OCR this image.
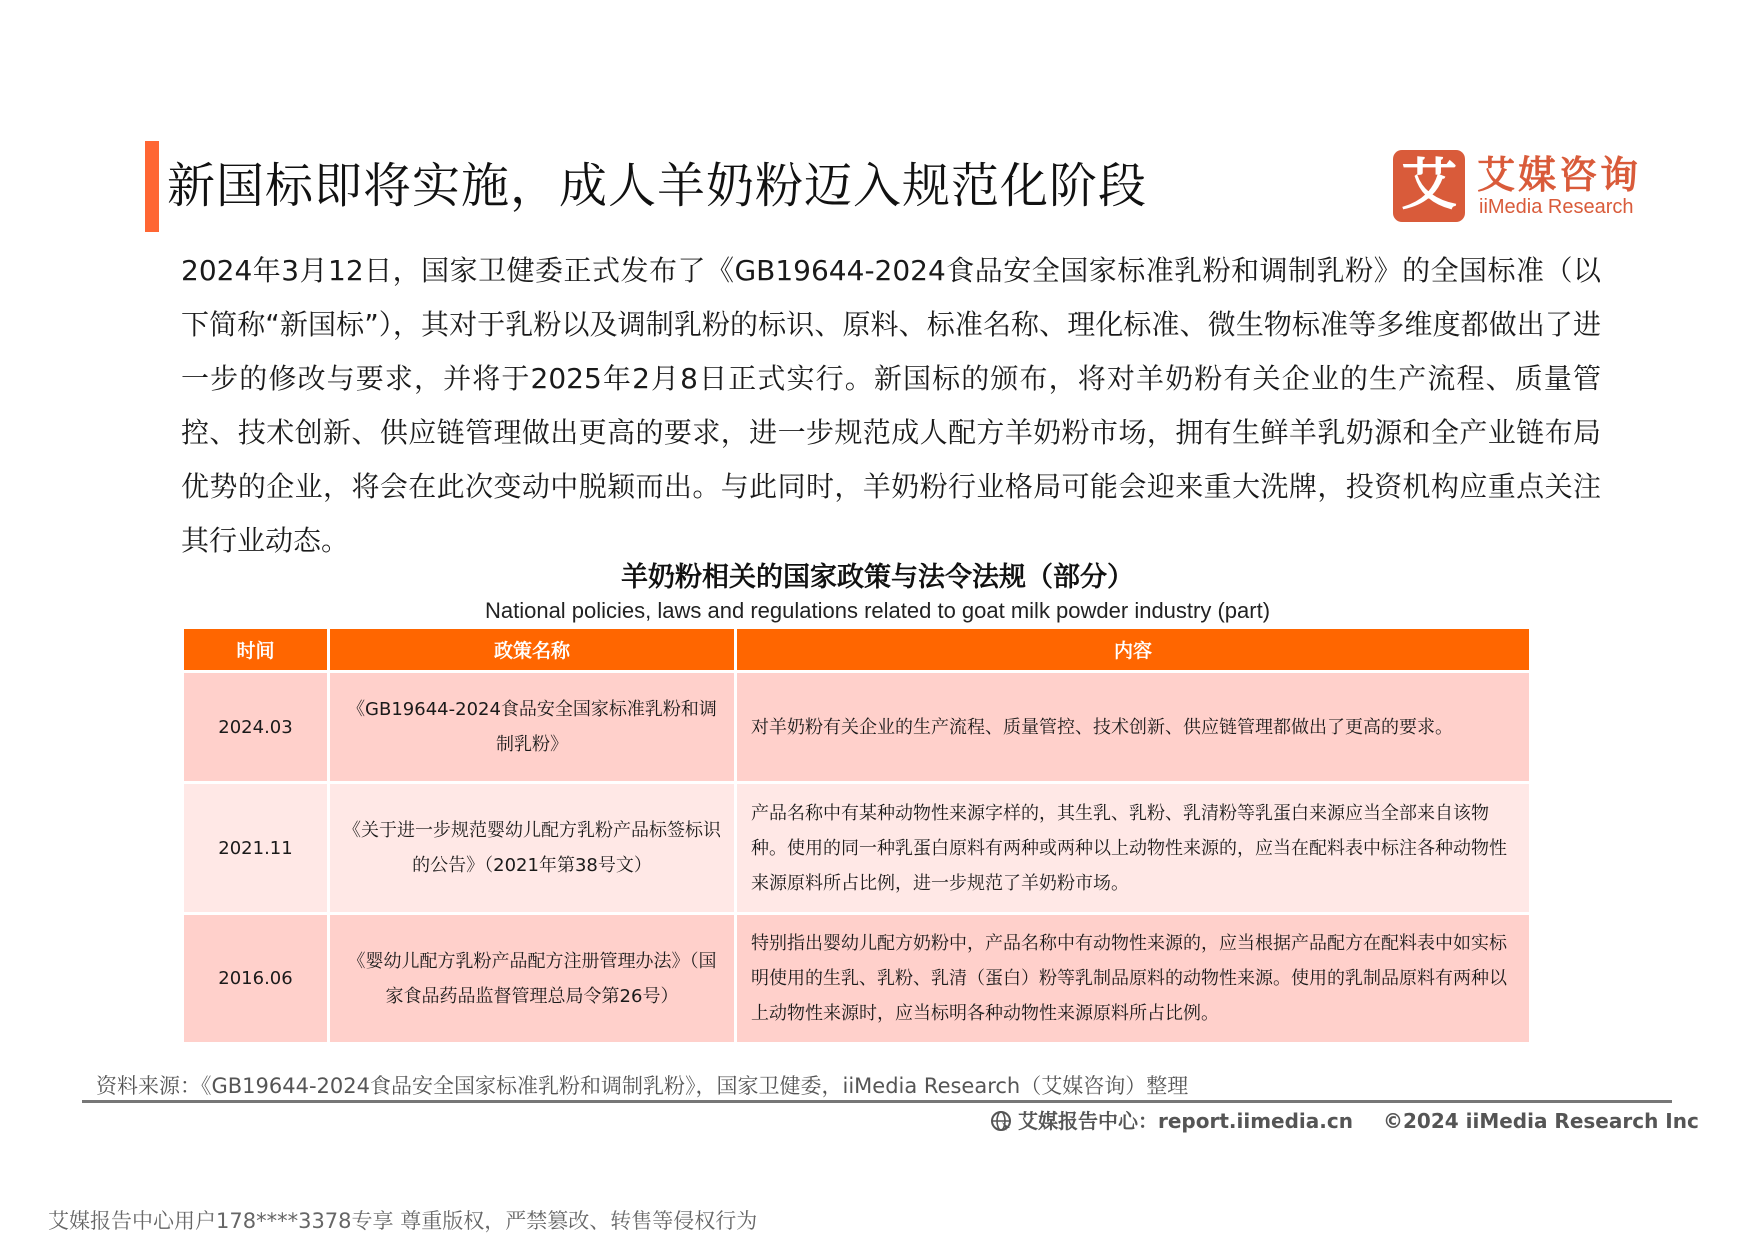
新国标即将实施，成人羊奶粉迈入规范化阶段	艾 艾媒咨询
iiMedia Research
2024年3月12日，国家卫健委正式发布了《GB19644-2024食品安全国家标准乳粉和调制乳粉》的全国标准（以下简称“新国标”），其对于乳粉以及调制乳粉的标识、原料、标准名称、理化标准、微生物标准等多维度都做出了进一步的修改与要求，并将于2025年2月8日正式实行。新国标的颁布，将对羊奶粉有关企业的生产流程、质量管控、技术创新、供应链管理做出更高的要求，进一步规范成人配方羊奶粉市场，拥有生鲜羊乳奶源和全产业链布局优势的企业，将会在此次变动中脱颖而出。与此同时，羊奶粉行业格局可能会迎来重大洗牌，投资机构应重点关注其行业动态。
羊奶粉相关的国家政策与法令法规（部分）
National policies, laws and regulations related to goat milk powder industry (part)
时间	政策名称	内容
2024.03	《GB19644-2024食品安全国家标准乳粉和调制乳粉》	对羊奶粉有关企业的生产流程、质量管控、技术创新、供应链管理都做出了更高的要求。
2021.11	《关于进一步规范婴幼儿配方乳粉产品标签标识的公告》（2021年第38号文）	产品名称中有某种动物性来源字样的，其生乳、乳粉、乳清粉等乳蛋白来源应当全部来自该物种。使用的同一种乳蛋白原料有两种或两种以上动物性来源的，应当在配料表中标注各种动物性来源原料所占比例，进一步规范了羊奶粉市场。
2016.06	《婴幼儿配方乳粉产品配方注册管理办法》（国家食品药品监督管理总局令第26号）	特别指出婴幼儿配方奶粉中，产品名称中有动物性来源的，应当根据产品配方在配料表中如实标明使用的生乳、乳粉、乳清（蛋白）粉等乳制品原料的动物性来源。使用的乳制品原料有两种以上动物性来源时，应当标明各种动物性来源原料所占比例。
资料来源：《GB19644-2024食品安全国家标准乳粉和调制乳粉》，国家卫健委，iiMedia Research（艾媒咨询）整理
艾媒报告中心：report.iimedia.cn ©2024 iiMedia Research Inc
艾媒报告中心用户178****3378专享 尊重版权，严禁篡改、转售等侵权行为
